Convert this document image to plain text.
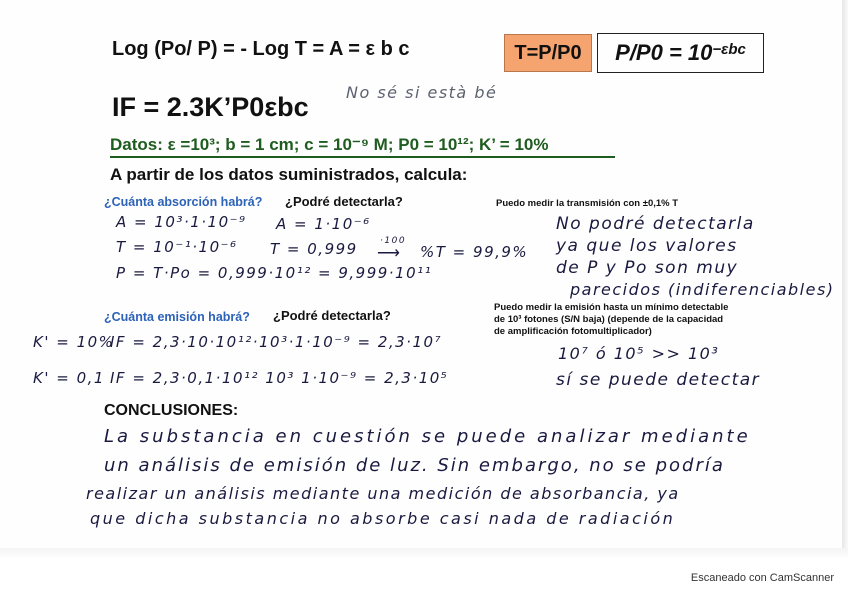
Log (Po/ P) = - Log T = A = ε b c	T=P/P0 $P/P0 = 10^{-\varepsilon bc}$
No sé si està bé
IF = 2.3K’P0εbc
Datos: ε =10³; b = 1 cm; c = 10⁻⁹ M; P0 = 10¹²; K’ = 10%
A partir de los datos suministrados, calcula:
¿Cuánta absorción habrá? ¿Podré detectarla?	Puedo medir la transmisión con ±0,1% T
A = 10³·1·10⁻⁹ A = 1·10⁻⁶
T = 10⁻¹·10⁻⁶ T = 0,999 ·100
⟶ %T = 99,9%
P = T·Po = 0,999·10¹² = 9,999·10¹¹
No podré detectarla
ya que los valores
de P y Po son muy
parecidos (indiferenciables)
¿Cuánta emisión habrá? ¿Podré detectarla?
Puedo medir la emisión hasta un mínimo detectable
de 10³ fotones (S/N baja) (depende de la capacidad
de amplificación fotomultiplicador)
K' = 10%
IF = 2,3·10·10¹²·10³·1·10⁻⁹ = 2,3·10⁷
10⁷ ó 10⁵ >> 10³
sí se puede detectar
K' = 0,1 IF = 2,3·0,1·10¹² 10³ 1·10⁻⁹ = 2,3·10⁵
CONCLUSIONES:
La substancia en cuestión se puede analizar mediante
un análisis de emisión de luz. Sin embargo, no se podría
realizar un análisis mediante una medición de absorbancia, ya
que dicha substancia no absorbe casi nada de radiación
Escaneado con CamScanner
